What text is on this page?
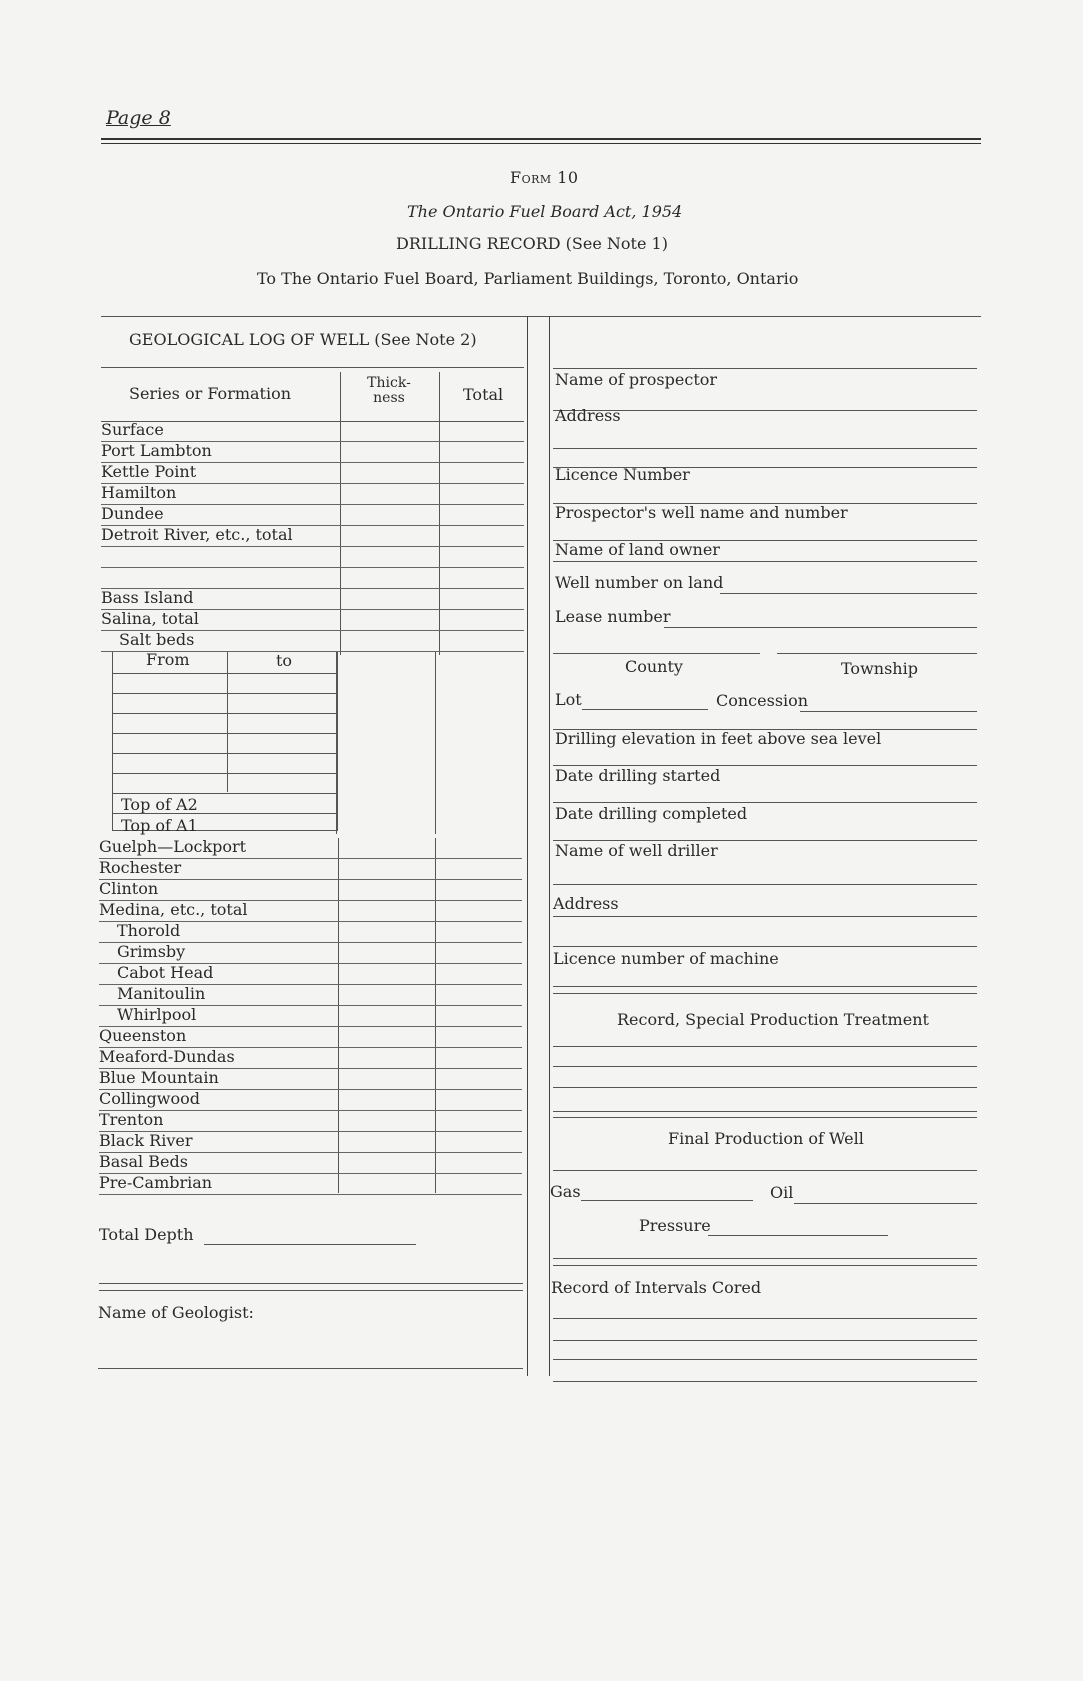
Page 8
Form 10
The Ontario Fuel Board Act, 1954
DRILLING RECORD (See Note 1)
To The Ontario Fuel Board, Parliament Buildings, Toronto, Ontario
GEOLOGICAL LOG OF WELL (See Note 2)
Series or Formation
Thick-ness	Total
Surface
Port Lambton
Kettle Point
Hamilton
Dundee
Detroit River, etc., total
Bass Island
Salina, total
Salt beds
From	to
Top of A2
Top of A1
Guelph—Lockport
Rochester
Clinton
Medina, etc., total
Thorold
Grimsby
Cabot Head
Manitoulin
Whirlpool
Queenston
Meaford-Dundas
Blue Mountain
Collingwood
Trenton
Black River
Basal Beds
Pre-Cambrian
Total Depth
Name of Geologist:
Name of prospector
Address
Licence Number
Prospector's well name and number
Name of land owner
Well number on land
Lease number
County	Township
Lot	Concession
Drilling elevation in feet above sea level
Date drilling started
Date drilling completed
Name of well driller
Address
Licence number of machine
Record, Special Production Treatment
Final Production of Well
Gas	Oil
Pressure
Record of Intervals Cored
